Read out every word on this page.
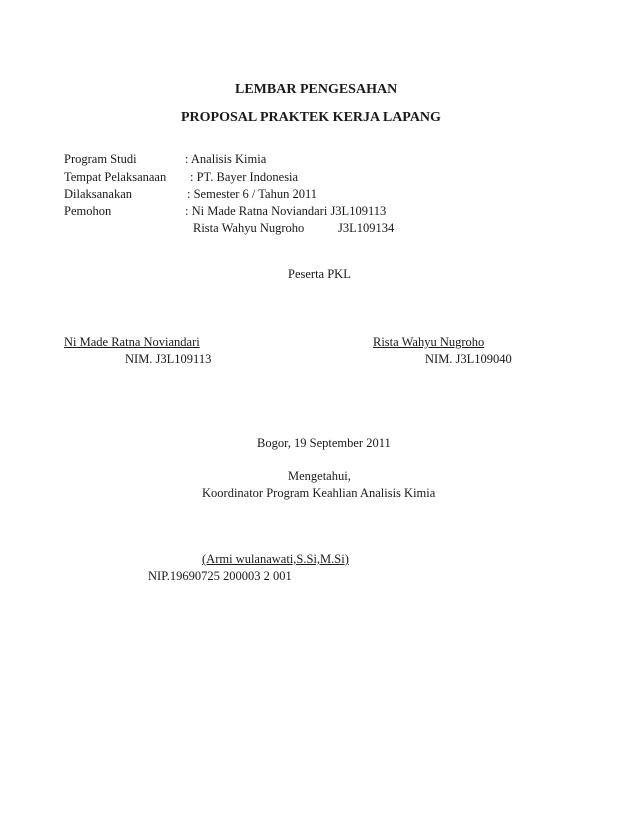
LEMBAR PENGESAHAN
PROPOSAL PRAKTEK KERJA LAPANG
Program Studi	: Analisis Kimia
Tempat Pelaksanaan : PT. Bayer Indonesia
Dilaksanakan	: Semester 6 / Tahun 2011
Pemohon	: Ni Made Ratna Noviandari J3L109113
Rista Wahyu Nugroho	J3L109134
Peserta PKL
Ni Made Ratna Noviandari
NIM. J3L109113
Rista Wahyu Nugroho
NIM. J3L109040
Bogor, 19 September 2011
Mengetahui,
Koordinator Program Keahlian Analisis Kimia
(Armi wulanawati,S.Si,M.Si)
NIP.19690725 200003 2 001
